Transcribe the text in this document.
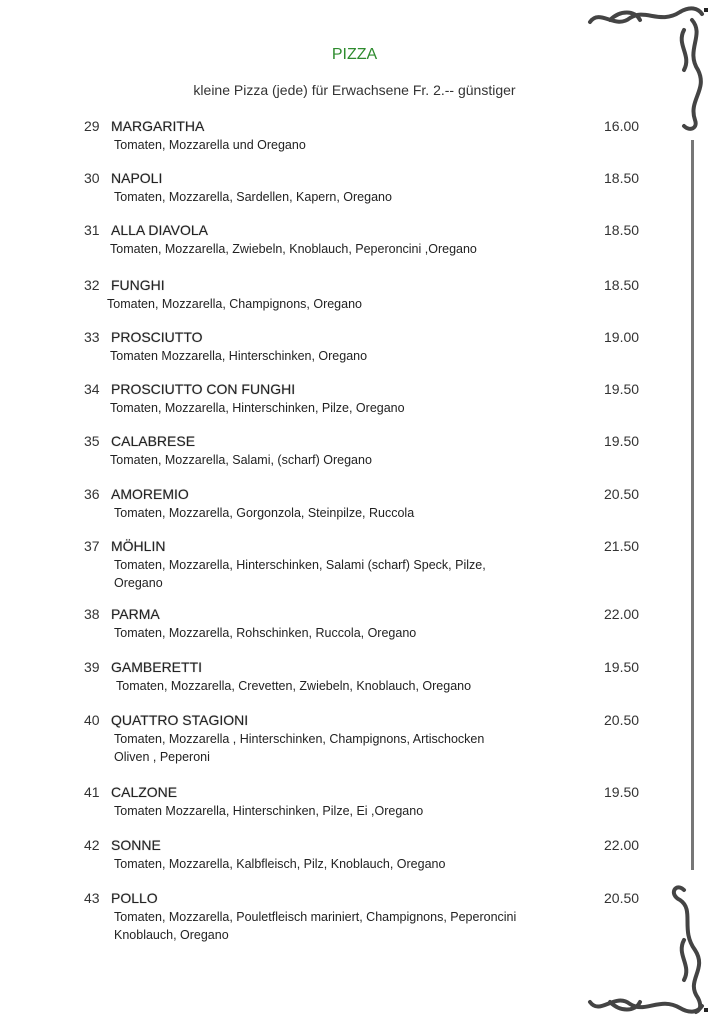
PIZZA
kleine Pizza (jede) für Erwachsene Fr. 2.-- günstiger
29 MARGARITHA	16.00
Tomaten, Mozzarella und Oregano
30 NAPOLI	18.50
Tomaten, Mozzarella, Sardellen, Kapern, Oregano
31 ALLA DIAVOLA	18.50
Tomaten, Mozzarella, Zwiebeln, Knoblauch, Peperoncini ,Oregano
32 FUNGHI	18.50
Tomaten, Mozzarella, Champignons, Oregano
33 PROSCIUTTO	19.00
Tomaten Mozzarella, Hinterschinken, Oregano
34 PROSCIUTTO CON FUNGHI	19.50
Tomaten, Mozzarella, Hinterschinken, Pilze, Oregano
35 CALABRESE	19.50
Tomaten, Mozzarella, Salami, (scharf) Oregano
36 AMOREMIO	20.50
Tomaten, Mozzarella, Gorgonzola, Steinpilze, Ruccola
37 MÖHLIN	21.50
Tomaten, Mozzarella, Hinterschinken, Salami (scharf) Speck, Pilze,
Oregano
38 PARMA	22.00
Tomaten, Mozzarella, Rohschinken, Ruccola, Oregano
39 GAMBERETTI	19.50
Tomaten, Mozzarella, Crevetten, Zwiebeln, Knoblauch, Oregano
40 QUATTRO STAGIONI	20.50
Tomaten, Mozzarella , Hinterschinken, Champignons, Artischocken
Oliven , Peperoni
41 CALZONE	19.50
Tomaten Mozzarella, Hinterschinken, Pilze, Ei ,Oregano
42 SONNE	22.00
Tomaten, Mozzarella, Kalbfleisch, Pilz, Knoblauch, Oregano
43 POLLO	20.50
Tomaten, Mozzarella, Pouletfleisch mariniert, Champignons, Peperoncini
Knoblauch, Oregano
